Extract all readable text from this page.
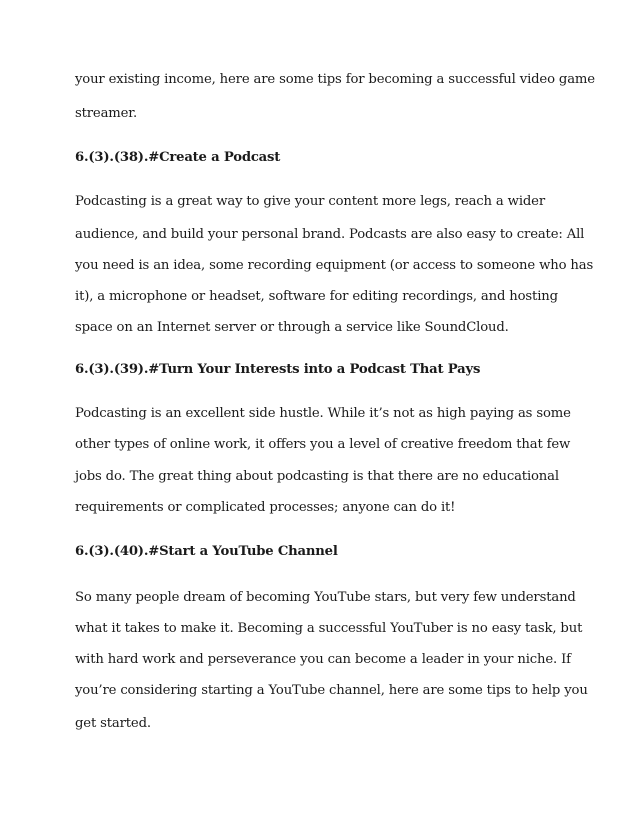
your existing income, here are some tips for becoming a successful video game

streamer.

6.(3).(38).#Create a Podcast

Podcasting is a great way to give your content more legs, reach a wider

audience, and build your personal brand. Podcasts are also easy to create: All

you need is an idea, some recording equipment (or access to someone who has

it), a microphone or headset, software for editing recordings, and hosting

space on an Internet server or through a service like SoundCloud.

6.(3).(39).#Turn Your Interests into a Podcast That Pays

Podcasting is an excellent side hustle. While it’s not as high paying as some

other types of online work, it offers you a level of creative freedom that few

jobs do. The great thing about podcasting is that there are no educational

requirements or complicated processes; anyone can do it!

6.(3).(40).#Start a YouTube Channel

So many people dream of becoming YouTube stars, but very few understand

what it takes to make it. Becoming a successful YouTuber is no easy task, but

with hard work and perseverance you can become a leader in your niche. If

you’re considering starting a YouTube channel, here are some tips to help you

get started.
